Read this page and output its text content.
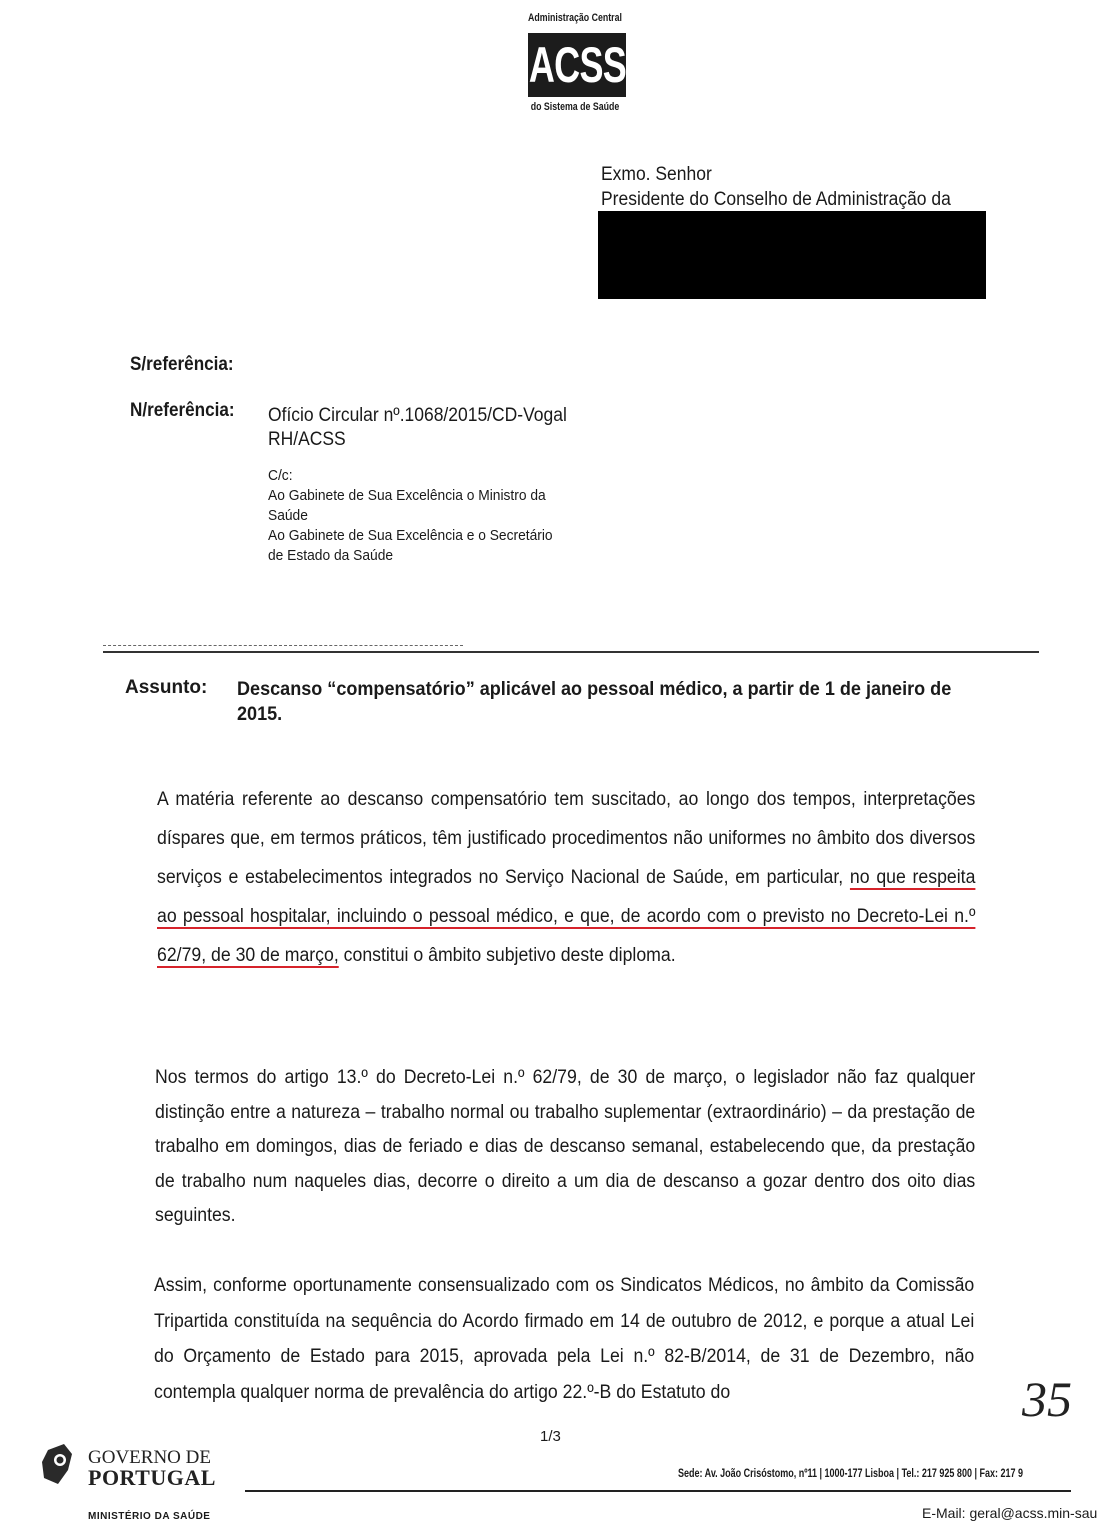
Administração Central
ACSS
do Sistema de Saúde
Exmo. Senhor
Presidente do Conselho de Administração da
S/referência:
N/referência: Ofício Circular nº.1068/2015/CD-Vogal
RH/ACSS
C/c:
Ao Gabinete de Sua Excelência o Ministro da
Saúde
Ao Gabinete de Sua Excelência e o Secretário
de Estado da Saúde
Assunto: Descanso “compensatório” aplicável ao pessoal médico, a partir de 1 de janeiro de 2015.

A matéria referente ao descanso compensatório tem suscitado, ao longo dos tempos, interpretações díspares que, em termos práticos, têm justificado procedimentos não uniformes no âmbito dos diversos serviços e estabelecimentos integrados no Serviço Nacional de Saúde, em particular, no que respeita ao pessoal hospitalar, incluindo o pessoal médico, e que, de acordo com o previsto no Decreto-Lei n.º 62/79, de 30 de março, constitui o âmbito subjetivo deste diploma.

Nos termos do artigo 13.º do Decreto-Lei n.º 62/79, de 30 de março, o legislador não faz qualquer distinção entre a natureza – trabalho normal ou trabalho suplementar (extraordinário) – da prestação de trabalho em domingos, dias de feriado e dias de descanso semanal, estabelecendo que, da prestação de trabalho num naqueles dias, decorre o direito a um dia de descanso a gozar dentro dos oito dias seguintes.

Assim, conforme oportunamente consensualizado com os Sindicatos Médicos, no âmbito da Comissão Tripartida constituída na sequência do Acordo firmado em 14 de outubro de 2012, e porque a atual Lei do Orçamento de Estado para 2015, aprovada pela Lei n.º 82-B/2014, de 31 de Dezembro, não contempla qualquer norma de prevalência do artigo 22.º-B do Estatuto do

1/3
35
GOVERNO DE
PORTUGAL
MINISTÉRIO DA SAÚDE
Sede: Av. João Crisóstomo, nº11 | 1000-177 Lisboa | Tel.: 217 925 800 | Fax: 217 9
E-Mail: geral@acss.min-sau
